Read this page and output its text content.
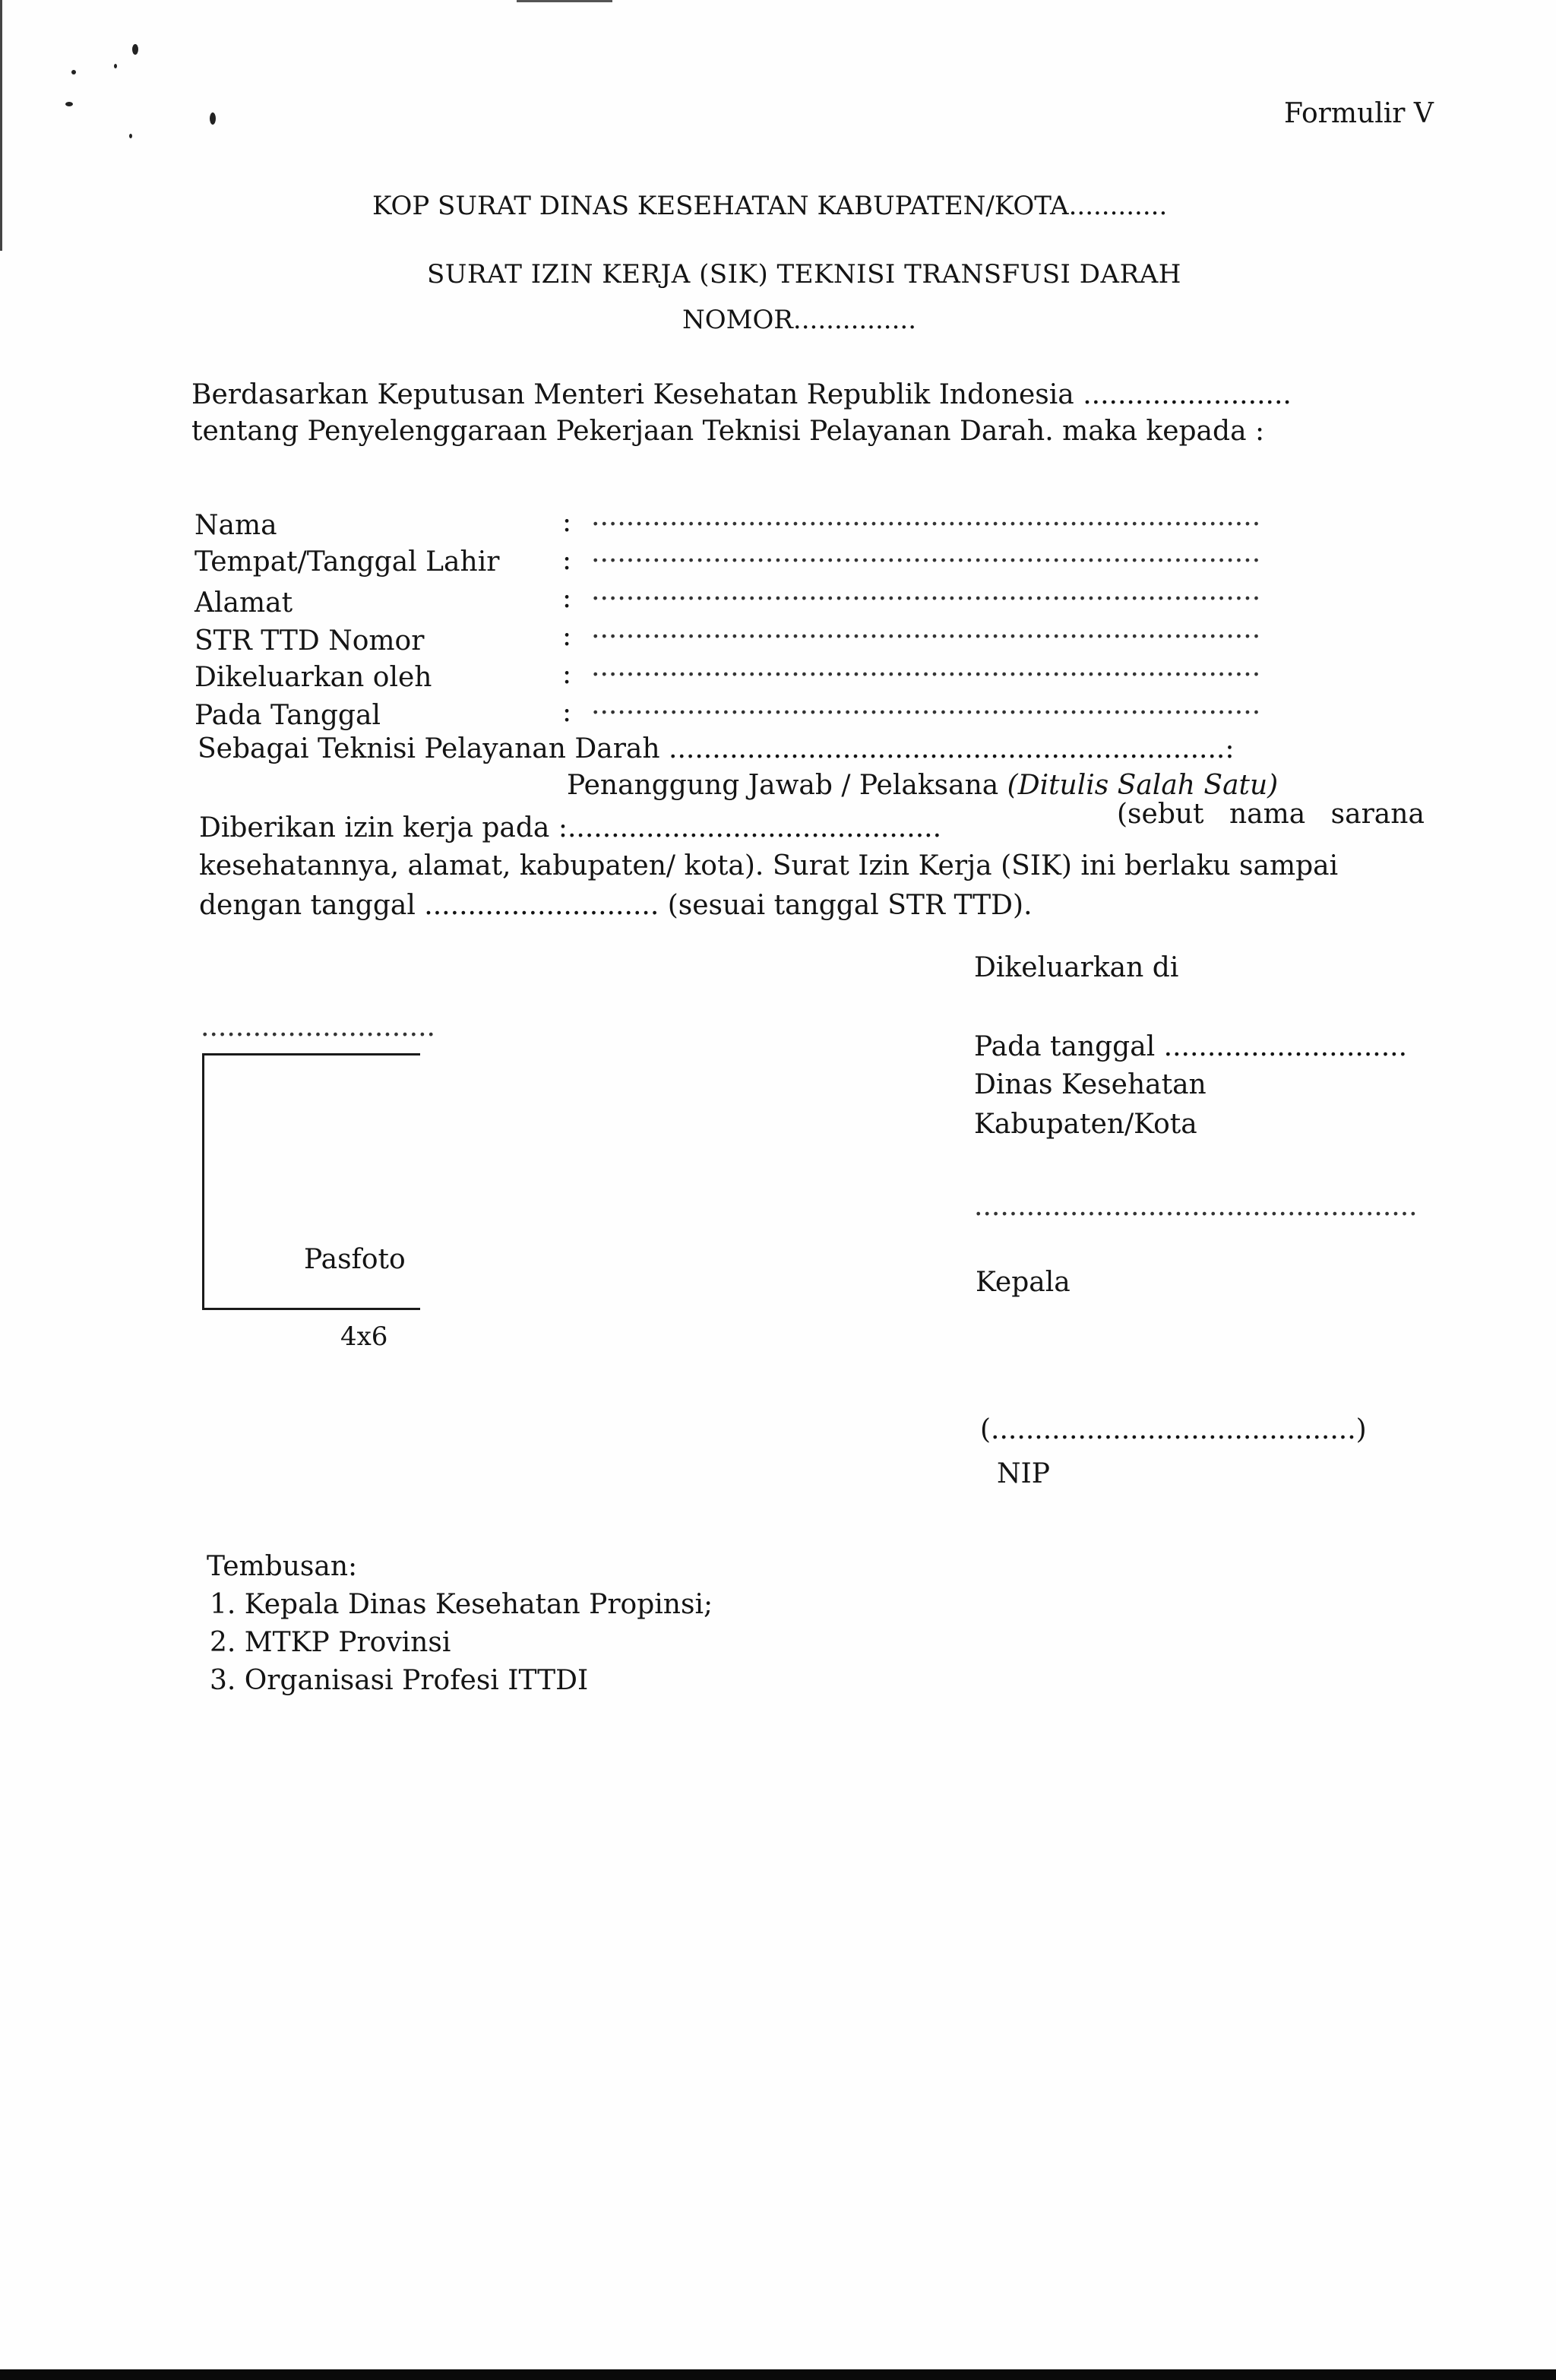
Formulir V
KOP SURAT DINAS KESEHATAN KABUPATEN/KOTA............
SURAT IZIN KERJA (SIK) TEKNISI TRANSFUSI DARAH
NOMOR...............
Berdasarkan Keputusan Menteri Kesehatan Republik Indonesia ........................
tentang Penyelenggaraan Pekerjaan Teknisi Pelayanan Darah. maka kepada :
Nama	: .............................................................................
Tempat/Tanggal Lahir : .............................................................................
Alamat	: .............................................................................
STR TTD Nomor	: .............................................................................
Dikeluarkan oleh	: .............................................................................
Pada Tanggal	: .............................................................................
Sebagai Teknisi Pelayanan Darah ................................................................:
Penanggung Jawab / Pelaksana (Ditulis Salah Satu)
Diberikan izin kerja pada :...........................................	(sebut nama sarana
kesehatannya, alamat, kabupaten/ kota). Surat Izin Kerja (SIK) ini berlaku sampai
dengan tanggal ........................... (sesuai tanggal STR TTD).
...........................
Pasfoto
4x6
Dikeluarkan di
Pada tanggal ............................
Dinas Kesehatan
Kabupaten/Kota
...................................................
Kepala
(..........................................)
NIP
Tembusan:
1. Kepala Dinas Kesehatan Propinsi;
2. MTKP Provinsi
3. Organisasi Profesi ITTDI
